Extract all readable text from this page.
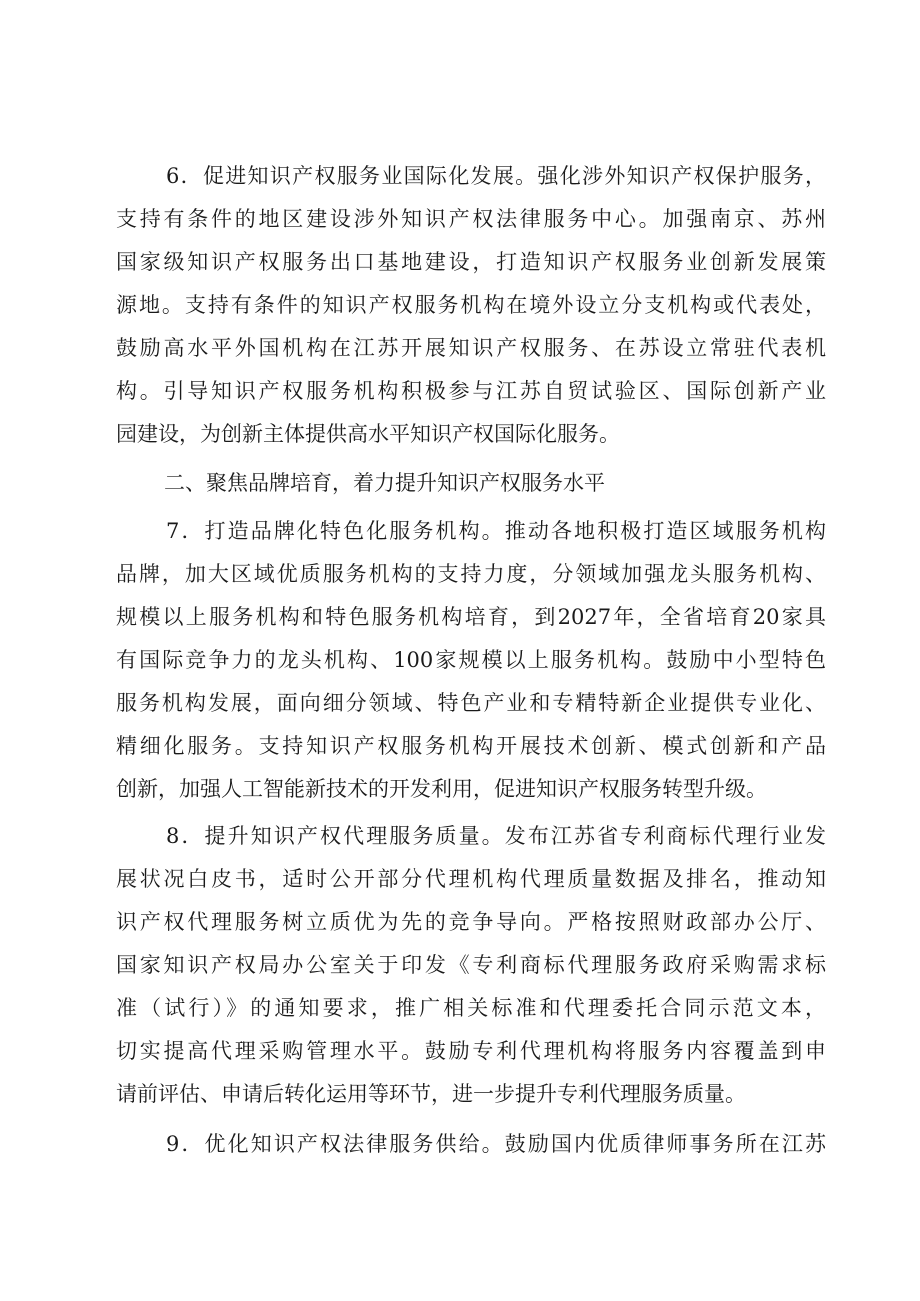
6．促进知识产权服务业国际化发展。强化涉外知识产权保护服务，
支持有条件的地区建设涉外知识产权法律服务中心。加强南京、苏州
国家级知识产权服务出口基地建设，打造知识产权服务业创新发展策
源地。支持有条件的知识产权服务机构在境外设立分支机构或代表处，
鼓励高水平外国机构在江苏开展知识产权服务、在苏设立常驻代表机
构。引导知识产权服务机构积极参与江苏自贸试验区、国际创新产业
园建设，为创新主体提供高水平知识产权国际化服务。
二、聚焦品牌培育，着力提升知识产权服务水平
7．打造品牌化特色化服务机构。推动各地积极打造区域服务机构
品牌，加大区域优质服务机构的支持力度，分领域加强龙头服务机构、
规模以上服务机构和特色服务机构培育，到2027年，全省培育20家具
有国际竞争力的龙头机构、100家规模以上服务机构。鼓励中小型特色
服务机构发展，面向细分领域、特色产业和专精特新企业提供专业化、
精细化服务。支持知识产权服务机构开展技术创新、模式创新和产品
创新，加强人工智能新技术的开发利用，促进知识产权服务转型升级。
8．提升知识产权代理服务质量。发布江苏省专利商标代理行业发
展状况白皮书，适时公开部分代理机构代理质量数据及排名，推动知
识产权代理服务树立质优为先的竞争导向。严格按照财政部办公厅、
国家知识产权局办公室关于印发《专利商标代理服务政府采购需求标
准（试行）》的通知要求，推广相关标准和代理委托合同示范文本，
切实提高代理采购管理水平。鼓励专利代理机构将服务内容覆盖到申
请前评估、申请后转化运用等环节，进一步提升专利代理服务质量。
9．优化知识产权法律服务供给。鼓励国内优质律师事务所在江苏
